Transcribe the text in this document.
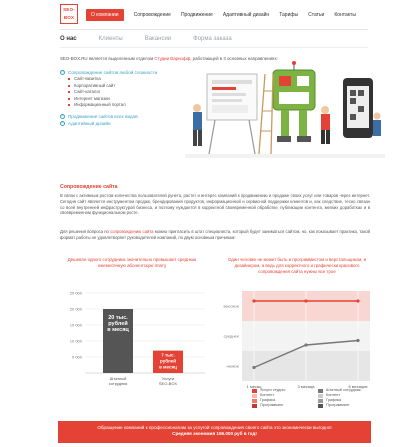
SEO-
BOX	О компании	Сопровождение Продвижение Адаптивный дизайн Тарифы Статьи Контакты
О нас	Клиенты	Вакансии	Форма заказа
SEO-BOX.RU является выделенным отделом Студии Варнофф, работающей в 3 основных направлениях:
− Сопровождение сайтов любой сложности
Сайт-визитка
Корпоративный сайт
Сайт-каталог
Интернет магазин
Информационный портал
+ Продвижение сайтов всех видов
+ Адаптивный дизайн
Сопровождение сайта
В связи с активным ростом количества пользователей рунета, растет и интерес компаний к продвижению и продаже своих услуг или товаров через интернет. Сегодня сайт является инструментом продаж, брендирования продуктов, информационной и сервисной поддержки клиентов и, как следствие, тесно связан со всей внутренней инфраструктурой бизнеса, и поэтому нуждается в корректной своевременной обработке, публикации контента, мелких доработках и в своевременном функциональном росте.
Для решения вопроса по сопровождению сайта можно пригласить в штат специалиста, который будет заниматься сайтом, но, как показывает практика, такой формат работы не удовлетворяет руководителей компаний, по двум основным причинам:
Дешевле одного сотрудника значительно превышает среднюю ежемесячную абонентскую плату
Один человек не может быть и программистом и верстальщиком, и дизайнером, а ведь для корректного и графически красивого сопровождения сайта нужны все трое
25 000
20 000
15 000
10 000
5 000
20 тыс.
рублей
в месяц
Штатный
сотрудник
7 тыс.
рублей
в месяц
Услуги
SEO-BOX
высокое
среднее
низкое
1 месяц	3 месяца	6 месяцев
Услуги студии:
Контент
Графика
Программинг
Штатный сотрудник:
Контент
Графика
Программинг
Обращение компаний к профессионалам за услугой сопровождения своего сайта это экономически выгодно!
Средняя экономия 156.000 руб в год!
